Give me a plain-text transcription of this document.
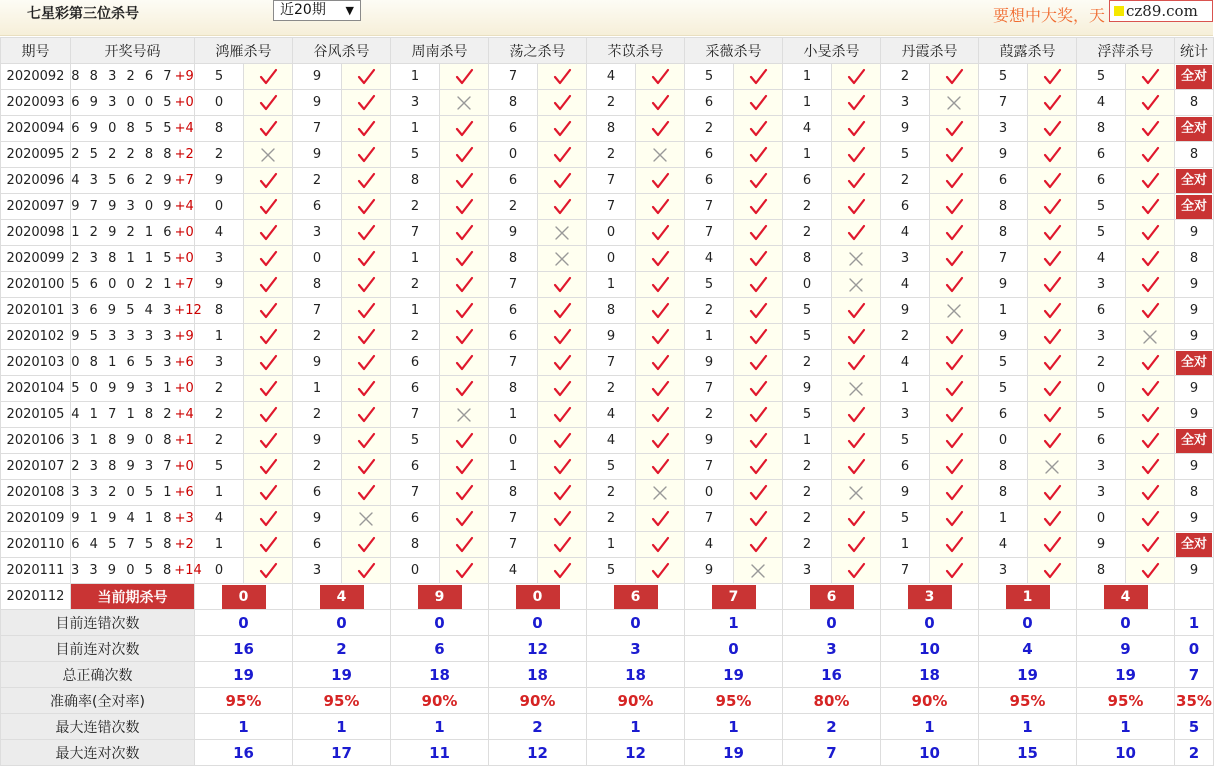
七星彩第三位杀号	近20期 ▼	要想中大奖，天	cz89.com
期号	开奖号码	鸿雁杀号		谷风杀号		周南杀号		荡之杀号		芣苡杀号		采薇杀号		小旻杀号		丹霞杀号		葭露杀号		浮萍杀号		统计
2020092	8 8 3 2 6 7+9	5		9		1		7		4		5		1		2		5		5		全对
2020093	6 9 3 0 0 5+0	0		9		3		8		2		6		1		3		7		4		8
2020094	6 9 0 8 5 5+4	8		7		1		6		8		2		4		9		3		8		全对
2020095	2 5 2 2 8 8+2	2		9		5		0		2		6		1		5		9		6		8
2020096	4 3 5 6 2 9+7	9		2		8		6		7		6		6		2		6		6		全对
2020097	9 7 9 3 0 9+4	0		6		2		2		7		7		2		6		8		5		全对
2020098	1 2 9 2 1 6+0	4		3		7		9		0		7		2		4		8		5		9
2020099	2 3 8 1 1 5+0	3		0		1		8		0		4		8		3		7		4		8
2020100	5 6 0 0 2 1+7	9		8		2		7		1		5		0		4		9		3		9
2020101	3 6 9 5 4 3+12	8		7		1		6		8		2		5		9		1		6		9
2020102	9 5 3 3 3 3+9	1		2		2		6		9		1		5		2		9		3		9
2020103	0 8 1 6 5 3+6	3		9		6		7		7		9		2		4		5		2		全对
2020104	5 0 9 9 3 1+0	2		1		6		8		2		7		9		1		5		0		9
2020105	4 1 7 1 8 2+4	2		2		7		1		4		2		5		3		6		5		9
2020106	3 1 8 9 0 8+1	2		9		5		0		4		9		1		5		0		6		全对
2020107	2 3 8 9 3 7+0	5		2		6		1		5		7		2		6		8		3		9
2020108	3 3 2 0 5 1+6	1		6		7		8		2		0		2		9		8		3		8
2020109	9 1 9 4 1 8+3	4		9		6		7		2		7		2		5		1		0		9
2020110	6 4 5 7 5 8+2	1		6		8		7		1		4		2		1		4		9		全对
2020111	3 3 9 0 5 8+14	0		3		0		4		5		9		3		7		3		8		9
2020112	当前期杀号	0		4		9		0		6		7		6		3		1		4		
目前连错次数		0		0		0		0		0		1		0		0		0		0		1
目前连对次数		16		2		6		12		3		0		3		10		4		9		0
总正确次数		19		19		18		18		18		19		16		18		19		19		7
准确率(全对率)		95%		95%		90%		90%		90%		95%		80%		90%		95%		95%		35%
最大连错次数		1		1		1		2		1		1		2		1		1		1		5
最大连对次数		16		17		11		12		12		19		7		10		15		10		2
